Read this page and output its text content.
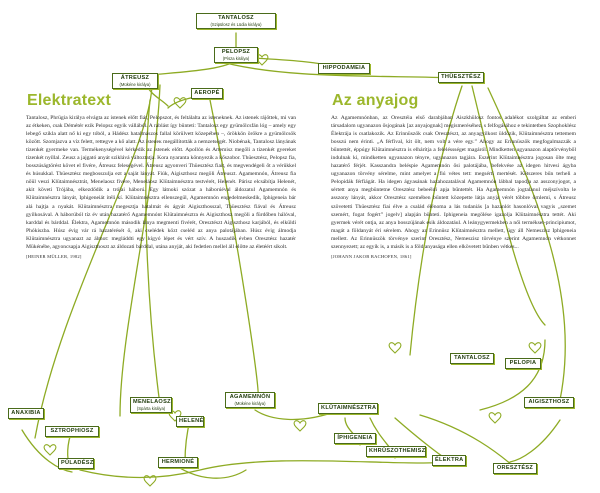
Elektratext	Az anyajog

Tantalosz, Phrügia királya elvágta az istenek előtt fiát, Pelopszot, és feltálalta az isteneknek. Az istenek rájöttek, mi van az étkeken, csak Démétér ezik Pelopsz egyik vállából. A rablást így bünteti: Tantalosz egy gyümölcsfán lóg – amely egy lebegő szikla alatt nő ki egy tóból, a Hádész hatalmászos fallal körülvett közepében –, örökkön örökre a gyümölcsök között. Szomjazva a víz felett, rettegve a kő alatt. Az isteneк megállították a nemzetségét. Niobénak, Tantalosz lányának tizenkét gyermeke van. Termékenységével kérkedik az istenek előtt. Apollón és Artemisz megöli a tizenkét gyereket tizenkét nyíllal. Zeusz a jajgató anyát sziklává változtatja. Kora nyaranta könnyezik a kőszobor. Thüesztész, Pelopsz fia, bosszúságtörést követ el fivére, Átreusz feleségével. Átreusz agyonveri Thüesztész fiait, és megvendégeli őt a vérükkel és húsukkal. Thüesztész megbosszulja ezt a saját lányát. Fiúk, Aigiszthosz megöli Átreuszt. Agamemnón, Átreusz fia nőül veszi Klütaimnésztrát, Menelaosz fivére, Meneláosz Klütaimnésztra testvérét, Helenét. Párisz elcsábítja Helenét, akit követi Trójába, elkezdődik a trójai háború. Egy látnoki szózat a háborúéval áldozatul Agamemnón és Klütaimnésztra lányát, Iphigeneiát ítéli kí. Klütaimnésztra ellenszegül, Agamemnón engedelmeskedik, Iphigeneia bár alá hajtja a nyakát. Klütaimnésztra megesztja hatalmát és ágyát Aigiszthosszal, Thüesztész fiával és Átreusz gyilkosával. A háborúból tíz év után hazatérő Agamemnónt Klütaimnésztra és Aigiszthosz megöli a fürdőben hálóval, karddal és bárddal. Élektra, Agamemnón második lánya megmenti fivérét, Oresztészt Aigiszthosz karjából, és elküldi Phókiszba. Húsz évig vár rá hazatérését ő, aki cselédek közt cseléd az anya palotájában. Húsz évig álmodja Klütaimnésztra ugyanazt az álmot: megláddti egy kígyó lépet és vért szív. A huszadik évben Oresztész hazatér Mükénébe, agyoncsapja Aigiszthoszt az áldozati bárddal, utána anyját, aki fedetlen mellel áll előtte az életéért sikolt.

[HEINER MÜLLER, 1982]

Az Agamemnónban, az Oresztéia első darabjában Aiszkhülosz fontos adalékot szolgáltat az emberi társadalom ugyanazon ősjogának [az anyajognak] megismeréséhez, s felfogásához e tekintetben Szophoklész Élektrája is csatlakozik. Az Erinnüszök csak Oresztészt, az anyagyilkost üldözik, Klütaimnésztra tettemem bosszú nem érinti. „A férfival, kit ölt, nem volt a vére egy.” Ahogy az Erinnüszök megfogalmazzák a bűntettét, éppúgy Klütaimnésztra is elhárítja a feleléssséget magáról. Mindketten ugyanazon alaptörvényből indulnak ki, mindketten ugyanazon tényre, ugyanazon tagjára. Eszerint Klütaimnésztra jogosan ölte meg hazatérő férjét. Kasszandra beléspie Agamemnón ősi palotájába, befekvése az idegen hitvesi ágyba ugyanazon törvény sérelme, mint amelyet a fiú vétes tett: megsérti mertését. Kétszeres bűn terheli a Pelopidák férfiágát. Ha idegen ágyasának hazahozatalával Agamemnón lábbal tapodja az asszonyjogot, a sértett anya megbüntetne Oresztész bebeéldi apja bűntettét. Ha Agamemnón jogtalanul méjszívolta le asszony lányát, akkor Oresztész szemében bűntett közepette látja anyja vérét többre őrnlemi, s Átreusz szövetetti Thüesztész fiai élve a család élénoma a lás tudaniás [a hazanlót hasonlóval vagyis „szemet szemért, fogat fogért” jogelv] alapján bünteti. Iphigeneia megölése igazolja Klütaimnésztra tettét. Aki gyermek vérét ontja, az anya bosszújának esik áldozatául. A leánygyermekben a női termékset-principiumot, magát a földanyát éri sérelem. Ahogy az Erinnüsz Klütaimnésztra mellett, úgy áll Nemeszisz Iphigeneia mellett. Az Erinnüszök törvénye szerint Oresztész, Nemeszisz törvénye szerint Agamemnón vétkonnet szennyezett; az egyik is, a másik is a föld anyasága ellen elkövetett bűnben vétkes...

[JOHANN JAKOB BACHOFEN, 1861]

TANTALOSZ
(Szipülosz és Lüdia királya)
PELOPSZ
(Písza királya)
HIPPODAMEIA
ÁTREUSZ
(Mükéne királya)
AEROPÉ
THÜESZTÉSZ
ANAXIBIA
SZTROPHIOSZ
PÜLADÉSZ
MENELAOSZ
(Spárta királya)
HELENÉ
HERMIONÉ
AGAMEMNÓN
(Mükéne királya)
KLÜTAIMNÉSZTRA
ÍPHIGENEIA
KHRÜSZOTHEMISZ
ÉLEKTRA
ORESZTÉSZ
TANTALOSZ
PELOPIA
AIGISZTHOSZ
